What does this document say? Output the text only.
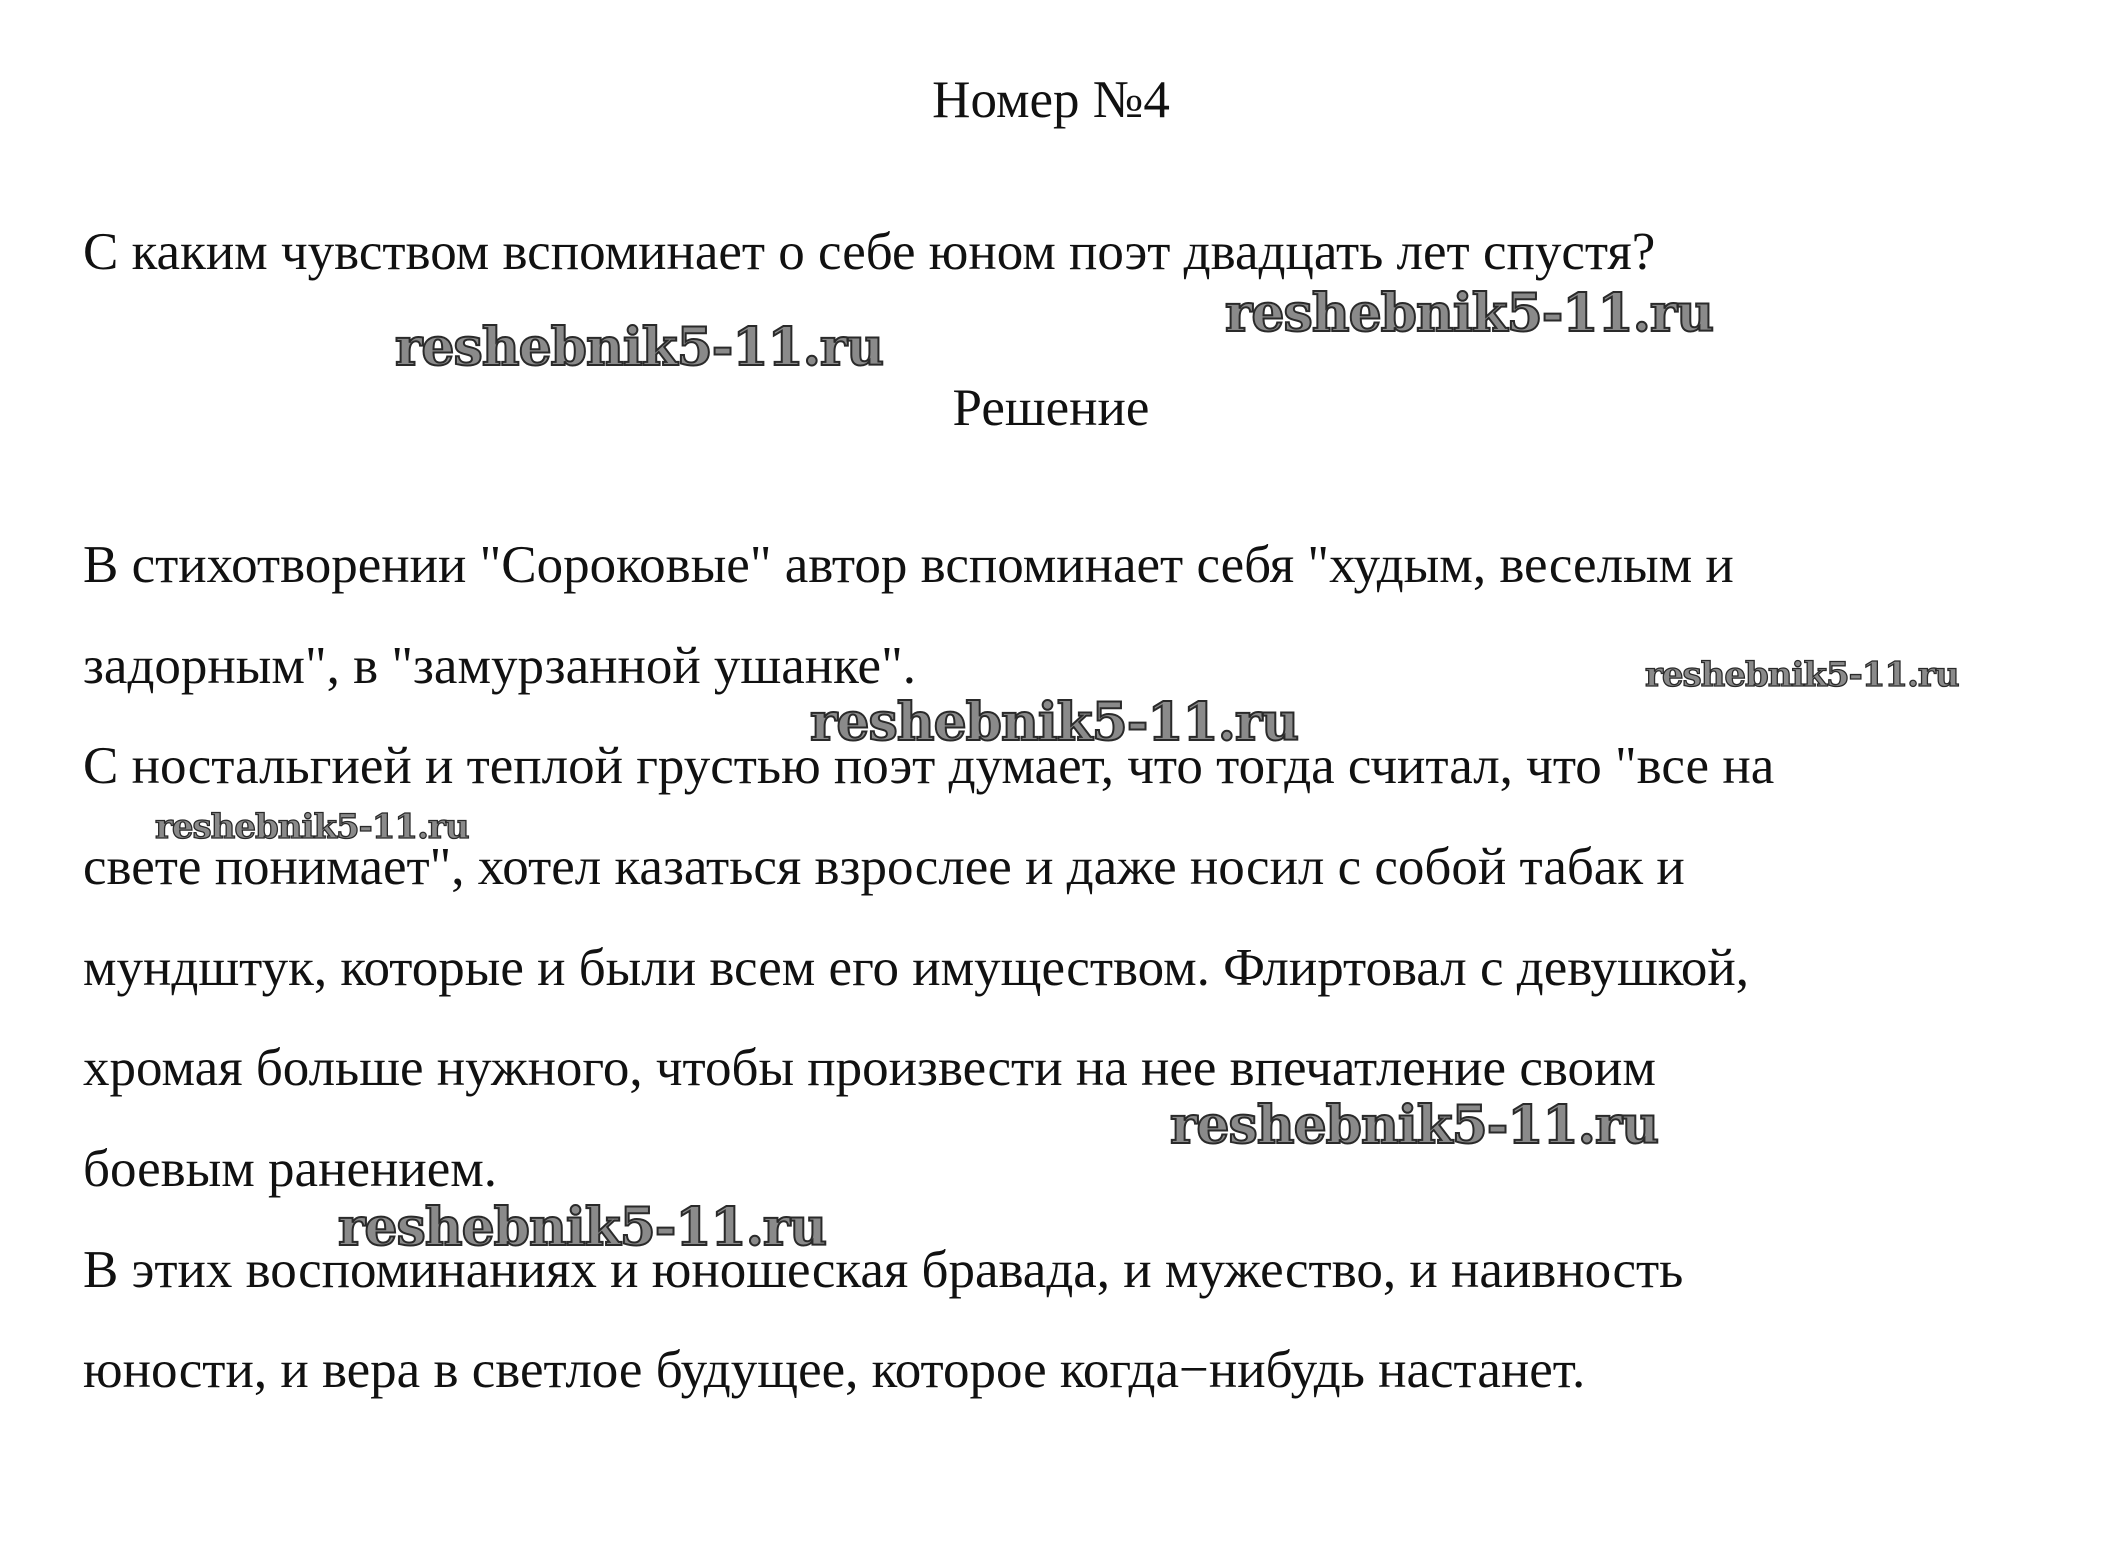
Номер №4

С каким чувством вспоминает о себе юном поэт двадцать лет спустя?

Решение

В стихотворении "Сороковые" автор вспоминает себя "худым, веселым и

задорным", в "замурзанной ушанке".

С ностальгией и теплой грустью поэт думает, что тогда считал, что "все на

свете понимает", хотел казаться взрослее и даже носил с собой табак и

мундштук, которые и были всем его имуществом. Флиртовал с девушкой,

хромая больше нужного, чтобы произвести на нее впечатление своим

боевым ранением.

В этих воспоминаниях и юношеская бравада, и мужество, и наивность

юности, и вера в светлое будущее, которое когда−нибудь настанет.

reshebnik5-11.ru
reshebnik5-11.ru
reshebnik5-11.ru
reshebnik5-11.ru
reshebnik5-11.ru
reshebnik5-11.ru
reshebnik5-11.ru
